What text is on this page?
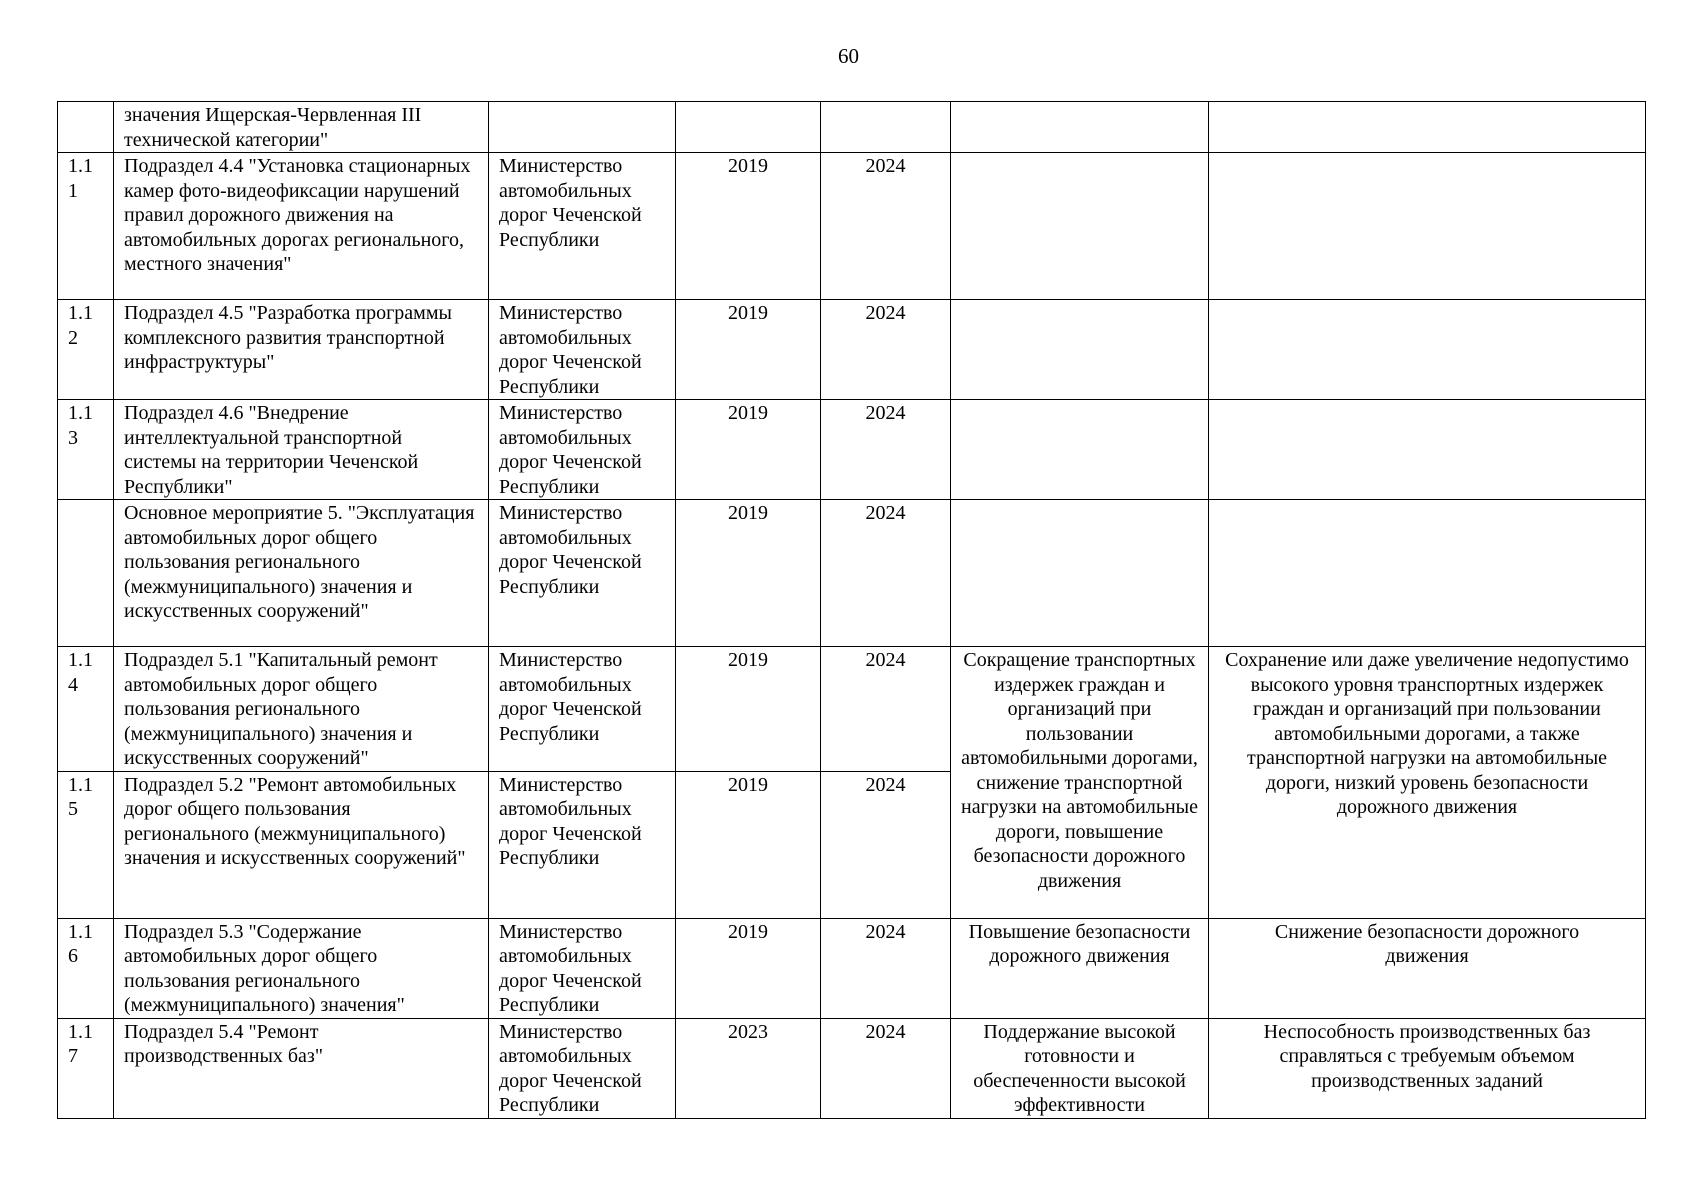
60
	значения Ищерская-Червленная III технической категории"					
1.1
1	Подраздел 4.4 "Установка стационарных камер фото-видеофиксации нарушений правил дорожного движения на автомобильных дорогах регионального, местного значения"	Министерство автомобильных дорог Чеченской Республики	2019	2024		
1.1
2	Подраздел 4.5 "Разработка программы комплексного развития транспортной инфраструктуры"	Министерство автомобильных дорог Чеченской Республики	2019	2024		
1.1
3	Подраздел 4.6 "Внедрение интеллектуальной транспортной системы на территории Чеченской Республики"	Министерство автомобильных дорог Чеченской Республики	2019	2024		
	Основное мероприятие 5. "Эксплуатация автомобильных дорог общего пользования регионального (межмуниципального) значения и искусственных сооружений"	Министерство автомобильных дорог Чеченской Республики	2019	2024		
1.1
4	Подраздел 5.1 "Капитальный ремонт автомобильных дорог общего пользования регионального (межмуниципального) значения и искусственных сооружений"	Министерство автомобильных дорог Чеченской Республики	2019	2024	Сокращение транспортных издержек граждан и организаций при пользовании автомобильными дорогами, снижение транспортной нагрузки на автомобильные дороги, повышение безопасности дорожного движения	Сохранение или даже увеличение недопустимо высокого уровня транспортных издержек граждан и организаций при пользовании автомобильными дорогами, а также транспортной нагрузки на автомобильные дороги, низкий уровень безопасности дорожного движения
1.1
5	Подраздел 5.2 "Ремонт автомобильных дорог общего пользования регионального (межмуниципального) значения и искусственных сооружений"	Министерство автомобильных дорог Чеченской Республики	2019	2024		
1.1
6	Подраздел 5.3 "Содержание автомобильных дорог общего пользования регионального (межмуниципального) значения"	Министерство автомобильных дорог Чеченской Республики	2019	2024	Повышение безопасности дорожного движения	Снижение безопасности дорожного движения
1.1
7	Подраздел 5.4 "Ремонт производственных баз"	Министерство автомобильных дорог Чеченской Республики	2023	2024	Поддержание высокой готовности и обеспеченности высокой эффективности	Неспособность производственных баз справляться с требуемым объемом производственных заданий
